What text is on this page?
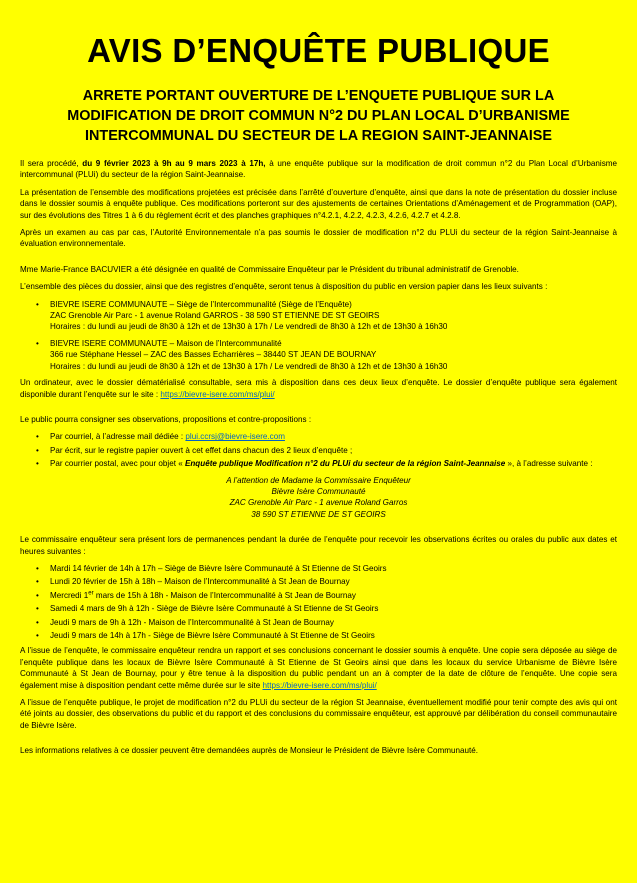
AVIS D’ENQUÊTE PUBLIQUE
ARRETE PORTANT OUVERTURE DE L’ENQUETE PUBLIQUE SUR LA
MODIFICATION DE DROIT COMMUN N°2 DU PLAN LOCAL D’URBANISME
INTERCOMMUNAL DU SECTEUR DE LA REGION SAINT-JEANNAISE

Il sera procédé, du 9 février 2023 à 9h au 9 mars 2023 à 17h, à une enquête publique sur la modification de droit commun n°2 du Plan Local d’Urbanisme intercommunal (PLUi) du secteur de la région Saint-Jeannaise.

La présentation de l’ensemble des modifications projetées est précisée dans l’arrêté d’ouverture d’enquête, ainsi que dans la note de présentation du dossier incluse dans le dossier soumis à enquête publique. Ces modifications porteront sur des ajustements de certaines Orientations d’Aménagement et de Programmation (OAP), sur des évolutions des Titres 1 à 6 du règlement écrit et des planches graphiques n°4.2.1, 4.2.2, 4.2.3, 4.2.6, 4.2.7 et 4.2.8.

Après un examen au cas par cas, l’Autorité Environnementale n’a pas soumis le dossier de modification n°2 du PLUi du secteur de la région Saint-Jeannaise à évaluation environnementale.

Mme Marie-France BACUVIER a été désignée en qualité de Commissaire Enquêteur par le Président du tribunal administratif de Grenoble.

L’ensemble des pièces du dossier, ainsi que des registres d’enquête, seront tenus à disposition du public en version papier dans les lieux suivants :

• BIEVRE ISERE COMMUNAUTE – Siège de l’Intercommunalité (Siège de l’Enquête)
ZAC Grenoble Air Parc - 1 avenue Roland GARROS - 38 590 ST ETIENNE DE ST GEOIRS
Horaires : du lundi au jeudi de 8h30 à 12h et de 13h30 à 17h / Le vendredi de 8h30 à 12h et de 13h30 à 16h30
• BIEVRE ISERE COMMUNAUTE – Maison de l’Intercommunalité
366 rue Stéphane Hessel – ZAC des Basses Echarrières – 38440 ST JEAN DE BOURNAY
Horaires : du lundi au jeudi de 8h30 à 12h et de 13h30 à 17h / Le vendredi de 8h30 à 12h et de 13h30 à 16h30

Un ordinateur, avec le dossier dématérialisé consultable, sera mis à disposition dans ces deux lieux d’enquête. Le dossier d’enquête publique sera également disponible durant l’enquête sur le site : https://bievre-isere.com/ms/plui/

Le public pourra consigner ses observations, propositions et contre-propositions :

• Par courriel, à l’adresse mail dédiée : plui.ccrsj@bievre-isere.com
• Par écrit, sur le registre papier ouvert à cet effet dans chacun des 2 lieux d’enquête ;
• Par courrier postal, avec pour objet « Enquête publique Modification n°2 du PLUi du secteur de la région Saint-Jeannaise », à l’adresse suivante :
A l’attention de Madame la Commissaire Enquêteur
Bièvre Isère Communauté
ZAC Grenoble Air Parc - 1 avenue Roland Garros
38 590 ST ETIENNE DE ST GEOIRS

Le commissaire enquêteur sera présent lors de permanences pendant la durée de l’enquête pour recevoir les observations écrites ou orales du public aux dates et heures suivantes :

• Mardi 14 février de 14h à 17h – Siège de Bièvre Isère Communauté à St Etienne de St Geoirs
• Lundi 20 février de 15h à 18h – Maison de l’Intercommunalité à St Jean de Bournay
• Mercredi 1er mars de 15h à 18h - Maison de l’Intercommunalité à St Jean de Bournay
• Samedi 4 mars de 9h à 12h - Siège de Bièvre Isère Communauté à St Etienne de St Geoirs
• Jeudi 9 mars de 9h à 12h - Maison de l’Intercommunalité à St Jean de Bournay
• Jeudi 9 mars de 14h à 17h - Siège de Bièvre Isère Communauté à St Etienne de St Geoirs

A l’issue de l’enquête, le commissaire enquêteur rendra un rapport et ses conclusions concernant le dossier soumis à enquête. Une copie sera déposée au siège de l’enquête publique dans les locaux de Bièvre Isère Communauté à St Etienne de St Geoirs ainsi que dans les locaux du service Urbanisme de Bièvre Isère Communauté à St Jean de Bournay, pour y être tenue à la disposition du public pendant un an à compter de la date de clôture de l’enquête. Une copie sera également mise à disposition pendant cette même durée sur le site https://bievre-isere.com/ms/plui/

A l’issue de l’enquête publique, le projet de modification n°2 du PLUi du secteur de la région St Jeannaise, éventuellement modifié pour tenir compte des avis qui ont été joints au dossier, des observations du public et du rapport et des conclusions du commissaire enquêteur, est approuvé par délibération du conseil communautaire de Bièvre Isère.

Les informations relatives à ce dossier peuvent être demandées auprès de Monsieur le Président de Bièvre Isère Communauté.
